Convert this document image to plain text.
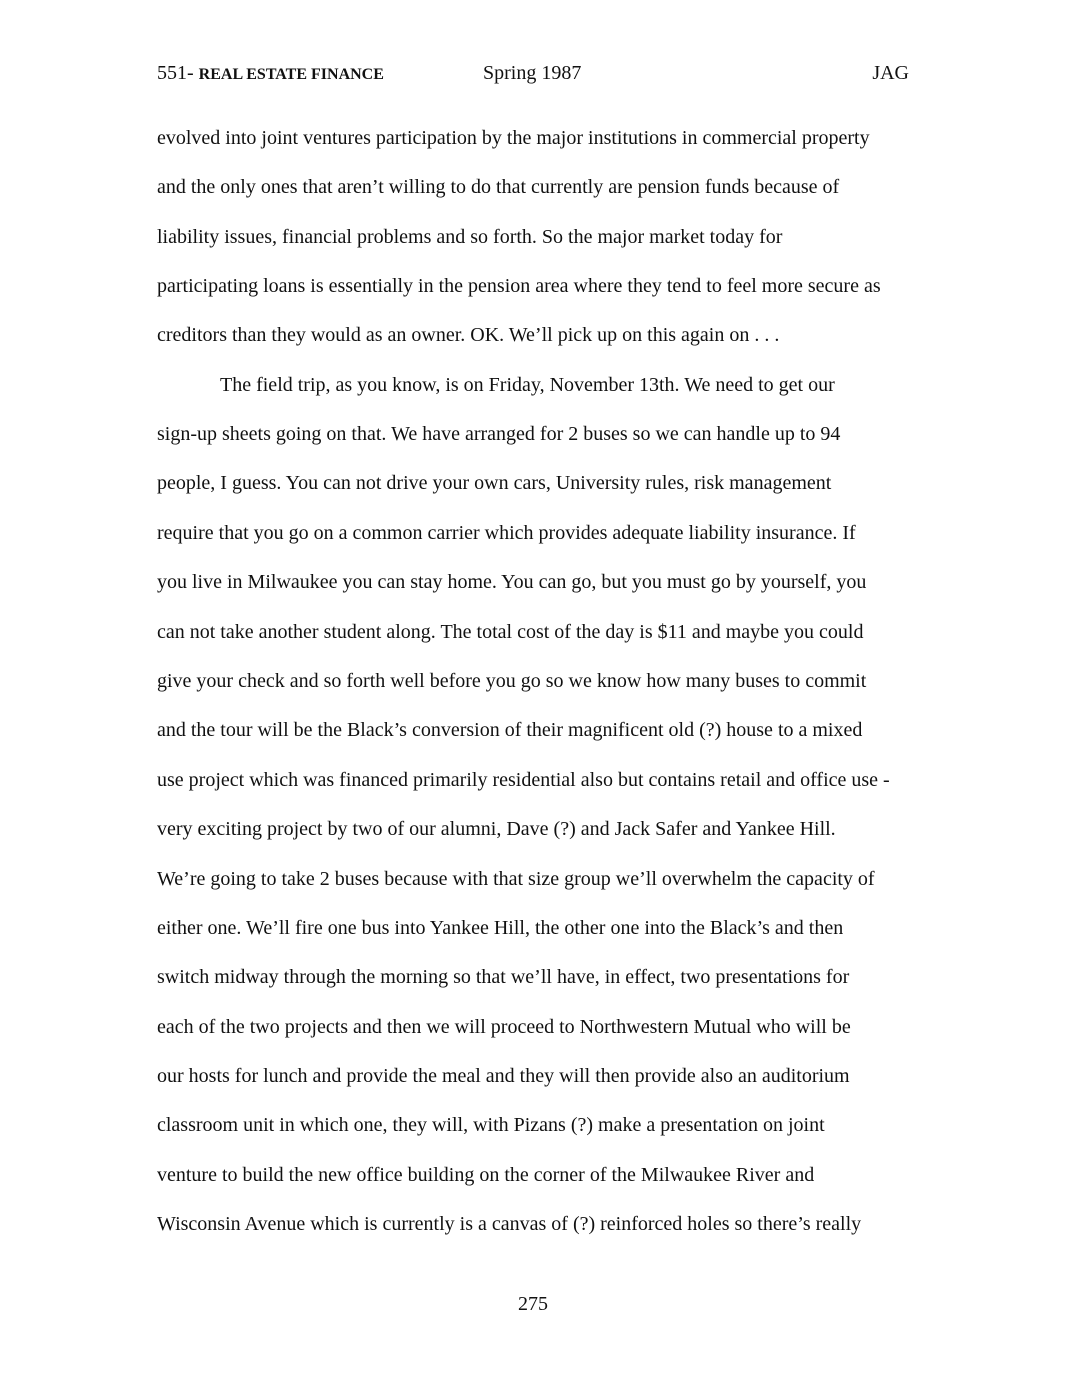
551- REAL ESTATE FINANCE	Spring 1987	JAG
evolved into joint ventures participation by the major institutions in commercial property
and the only ones that aren’t willing to do that currently are pension funds because of
liability issues, financial problems and so forth. So the major market today for
participating loans is essentially in the pension area where they tend to feel more secure as
creditors than they would as an owner. OK. We’ll pick up on this again on . . .
The field trip, as you know, is on Friday, November 13th. We need to get our
sign-up sheets going on that. We have arranged for 2 buses so we can handle up to 94
people, I guess. You can not drive your own cars, University rules, risk management
require that you go on a common carrier which provides adequate liability insurance. If
you live in Milwaukee you can stay home. You can go, but you must go by yourself, you
can not take another student along. The total cost of the day is $11 and maybe you could
give your check and so forth well before you go so we know how many buses to commit
and the tour will be the Black’s conversion of their magnificent old (?) house to a mixed
use project which was financed primarily residential also but contains retail and office use -
very exciting project by two of our alumni, Dave (?) and Jack Safer and Yankee Hill.
We’re going to take 2 buses because with that size group we’ll overwhelm the capacity of
either one. We’ll fire one bus into Yankee Hill, the other one into the Black’s and then
switch midway through the morning so that we’ll have, in effect, two presentations for
each of the two projects and then we will proceed to Northwestern Mutual who will be
our hosts for lunch and provide the meal and they will then provide also an auditorium
classroom unit in which one, they will, with Pizans (?) make a presentation on joint
venture to build the new office building on the corner of the Milwaukee River and
Wisconsin Avenue which is currently is a canvas of (?) reinforced holes so there’s really
275
